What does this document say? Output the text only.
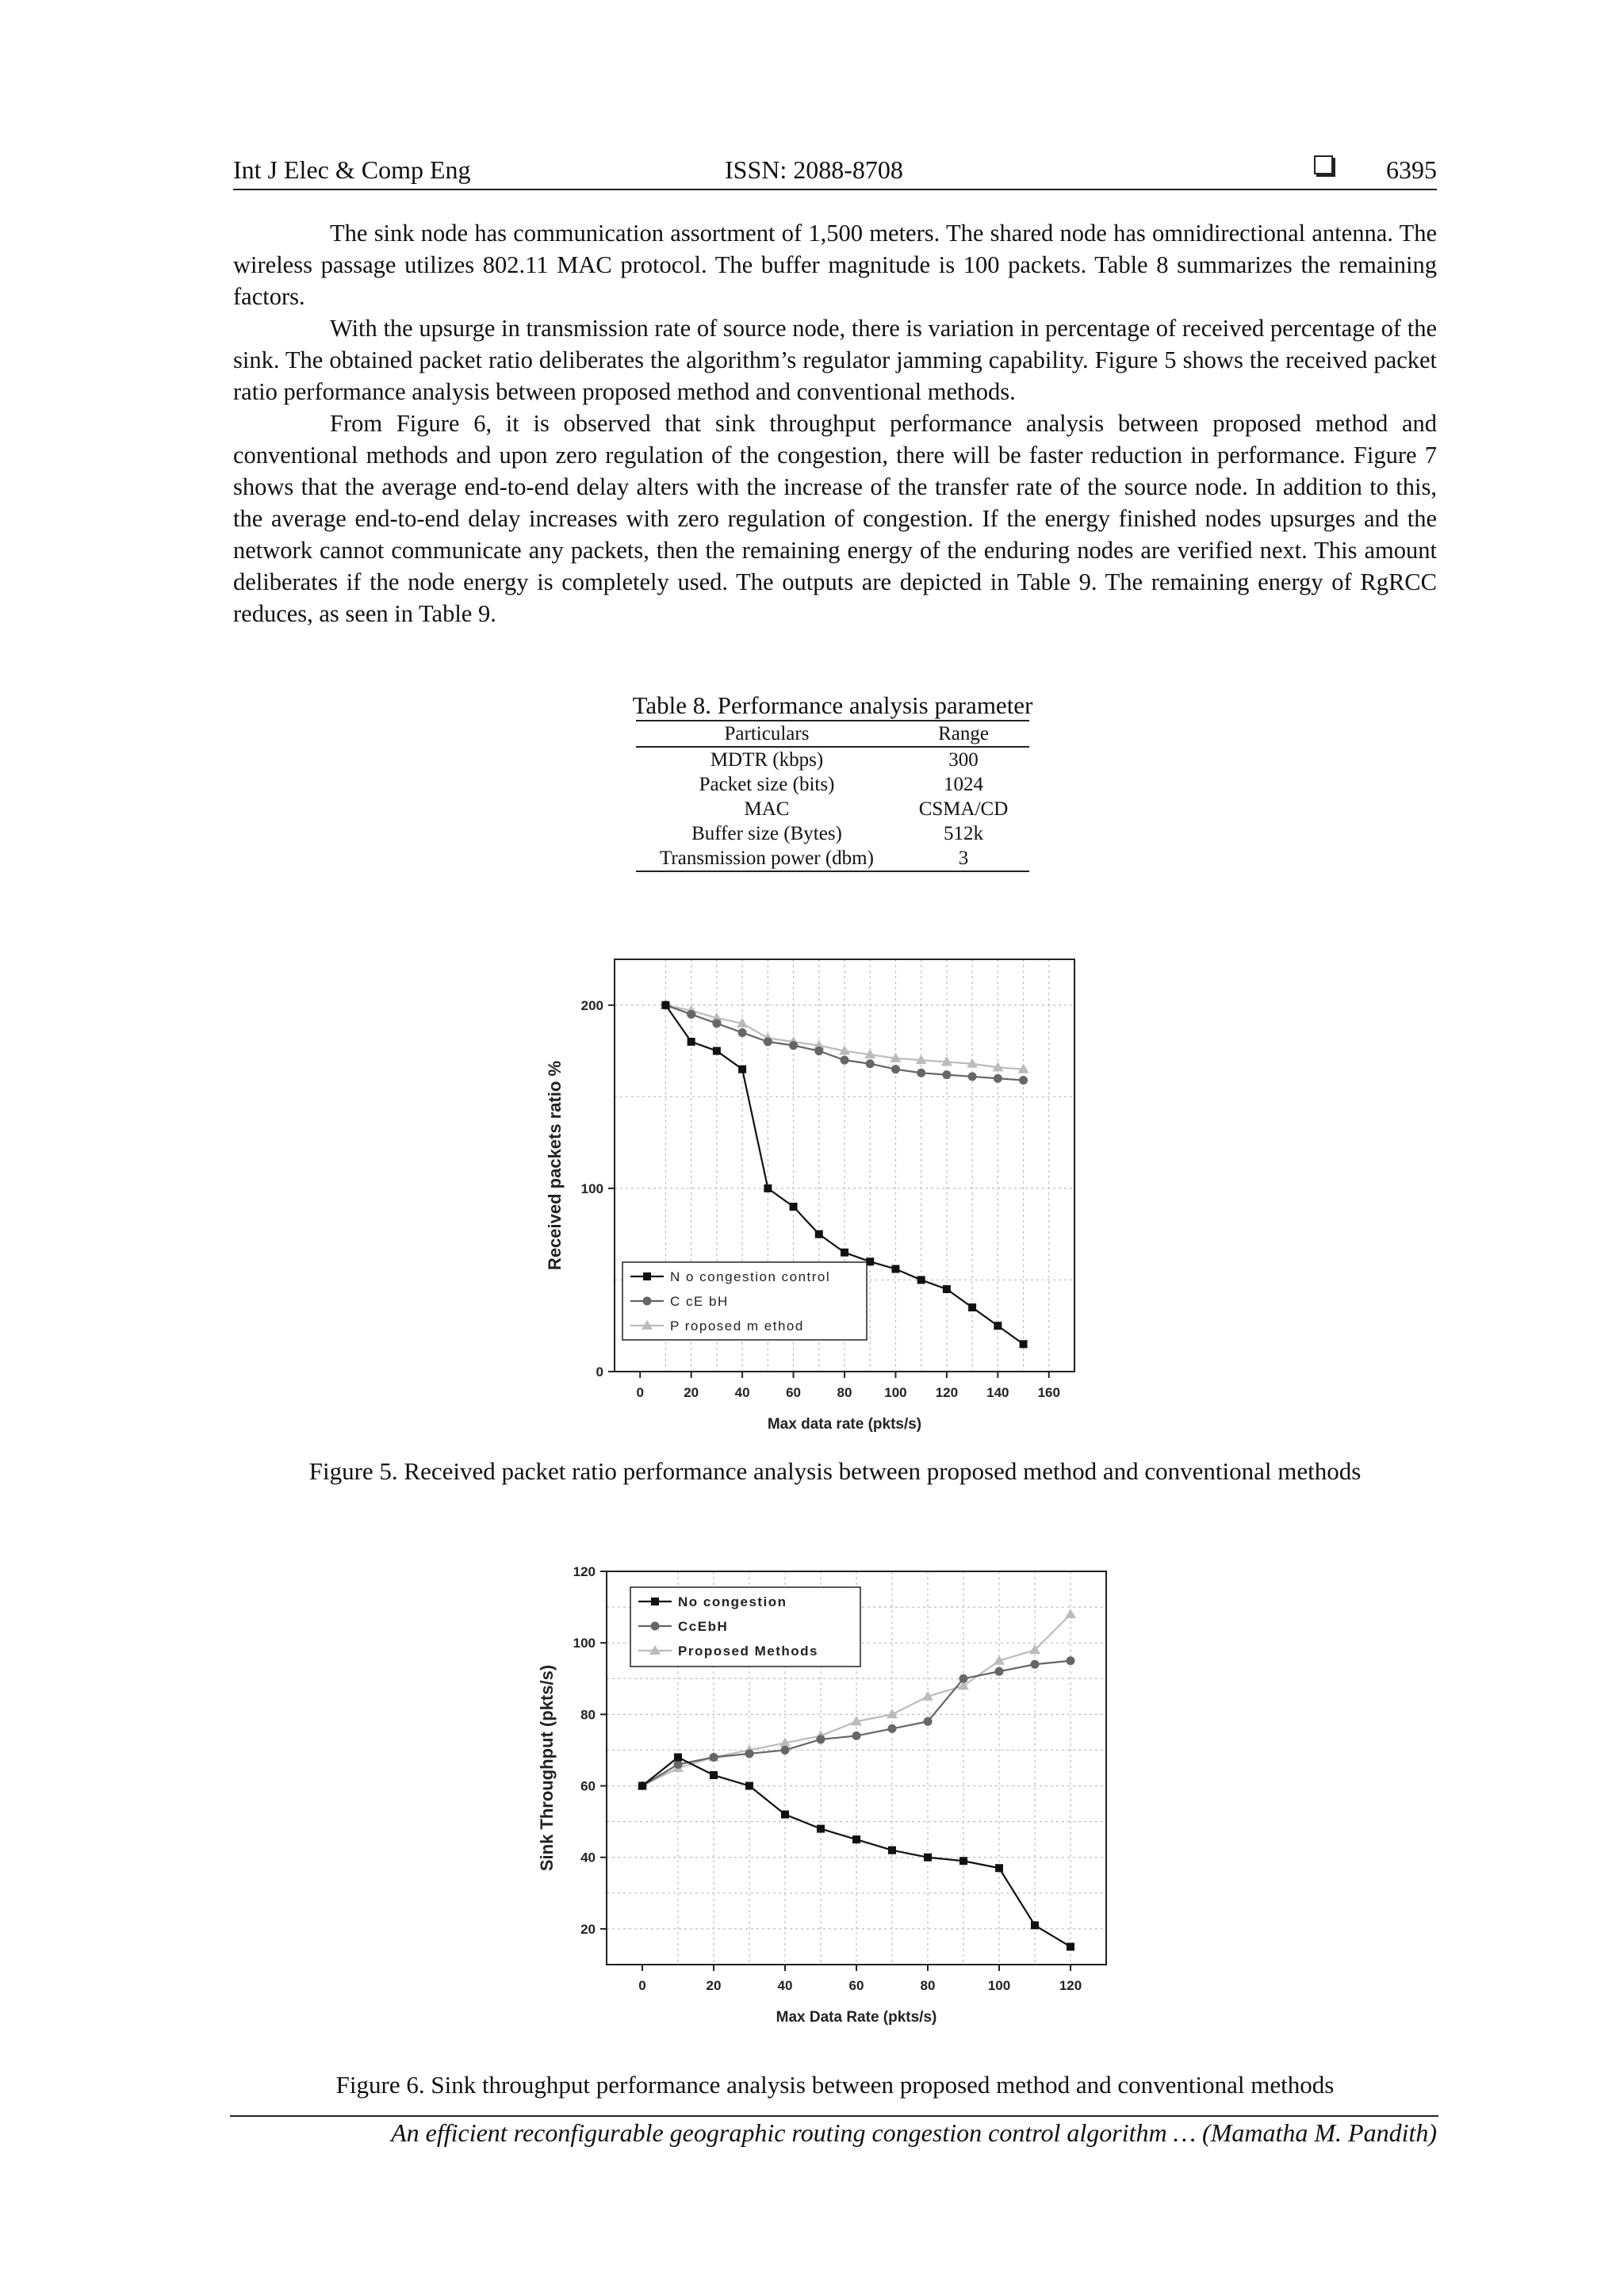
Int J Elec & Comp Eng	ISSN: 2088-8708	6395

The sink node has communication assortment of 1,500 meters. The shared node has omnidirectional antenna. The wireless passage utilizes 802.11 MAC protocol. The buffer magnitude is 100 packets. Table 8 summarizes the remaining factors.

With the upsurge in transmission rate of source node, there is variation in percentage of received percentage of the sink. The obtained packet ratio deliberates the algorithm’s regulator jamming capability. Figure 5 shows the received packet ratio performance analysis between proposed method and conventional methods.

From Figure 6, it is observed that sink throughput performance analysis between proposed method and conventional methods and upon zero regulation of the congestion, there will be faster reduction in performance. Figure 7 shows that the average end-to-end delay alters with the increase of the transfer rate of the source node. In addition to this, the average end-to-end delay increases with zero regulation of congestion. If the energy finished nodes upsurges and the network cannot communicate any packets, then the remaining energy of the enduring nodes are verified next. This amount deliberates if the node energy is completely used. The outputs are depicted in Table 9. The remaining energy of RgRCC reduces, as seen in Table 9.

Table 8. Performance analysis parameter
Particulars	Range
MDTR (kbps)	300
Packet size (bits)	1024
MAC	CSMA/CD
Buffer size (Bytes)	512k
Transmission power (dbm)	3
0	20	40	60	80 100 120 140 160
0
100
200
Max data rate (pkts/s)
Received packets ratio %
N o congestion control
C cE bH
P roposed m ethod
Figure 5. Received packet ratio performance analysis between proposed method and conventional methods
0	20	40	60	80	100	120
20
40
60
80
100
120
Max Data Rate (pkts/s)
Sink Throughput (pkts/s)
No congestion
CcEbH
Proposed Methods
Figure 6. Sink throughput performance analysis between proposed method and conventional methods
An efficient reconfigurable geographic routing congestion control algorithm … (Mamatha M. Pandith)
